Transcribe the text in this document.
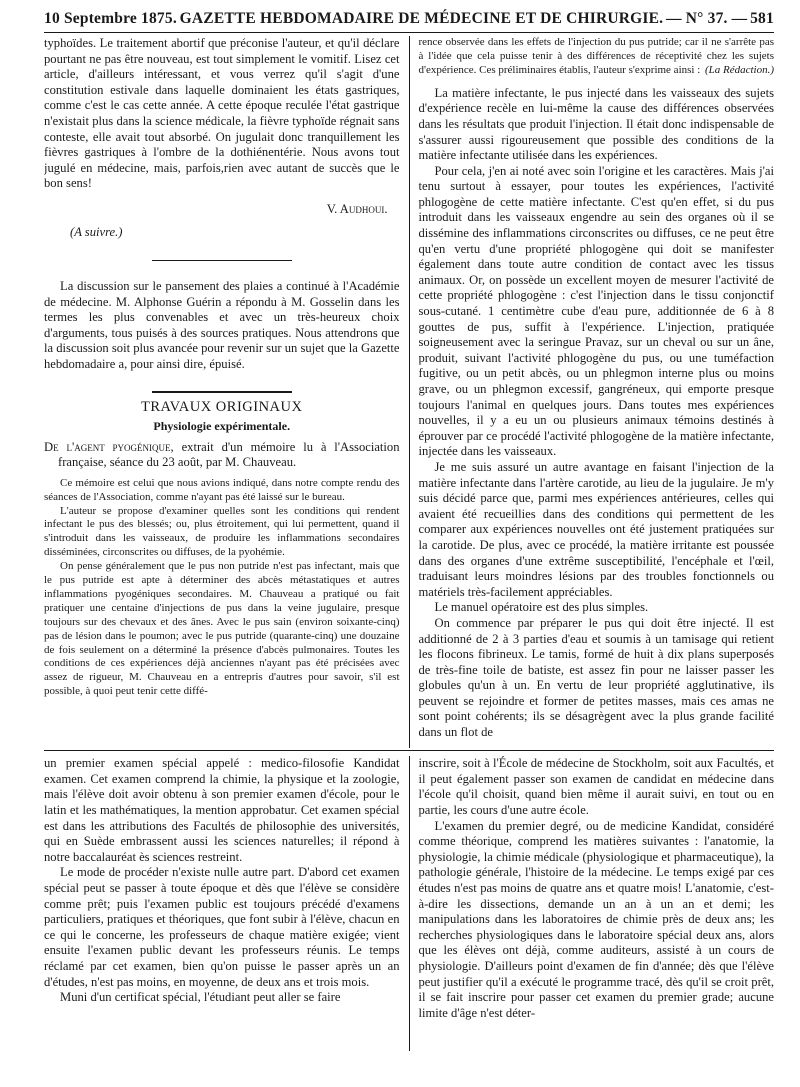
10 Septembre 1875. GAZETTE HEBDOMADAIRE DE MÉDECINE ET DE CHIRURGIE. — N° 37. — 581

typhoïdes. Le traitement abortif que préconise l'auteur, et qu'il déclare pourtant ne pas être nouveau, est tout simplement le vomitif. Lisez cet article, d'ailleurs intéressant, et vous verrez qu'il s'agit d'une constitution estivale dans laquelle dominaient les états gastriques, comme c'est le cas cette année. A cette époque reculée l'état gastrique n'existait plus dans la science médicale, la fièvre typhoïde régnait sans conteste, elle avait tout absorbé. On jugulait donc tranquillement les fièvres gastriques à l'ombre de la dothiénentérie. Nous avons tout jugulé en médecine, mais, parfois,rien avec autant de succès que le bon sens!

V. Audhoui.
(A suivre.)

La discussion sur le pansement des plaies a continué à l'Académie de médecine. M. Alphonse Guérin a répondu à M. Gosselin dans les termes les plus convenables et avec un très-heureux choix d'arguments, tous puisés à des sources pratiques. Nous attendrons que la discussion soit plus avancée pour revenir sur un sujet que la Gazette hebdomadaire a, pour ainsi dire, épuisé.

TRAVAUX ORIGINAUX
Physiologie expérimentale.

De l'agent pyogénique, extrait d'un mémoire lu à l'Association française, séance du 23 août, par M. Chauveau.

Ce mémoire est celui que nous avions indiqué, dans notre compte rendu des séances de l'Association, comme n'ayant pas été laissé sur le bureau.

L'auteur se propose d'examiner quelles sont les conditions qui rendent infectant le pus des blessés; ou, plus étroitement, qui lui permettent, quand il s'introduit dans les vaisseaux, de produire les inflammations secondaires disséminées, circonscrites ou diffuses, de la pyohémie.

On pense généralement que le pus non putride n'est pas infectant, mais que le pus putride est apte à déterminer des abcès métastatiques et autres inflammations pyogéniques secondaires. M. Chauveau a pratiqué ou fait pratiquer une centaine d'injections de pus dans la veine jugulaire, presque toujours sur des chevaux et des ânes. Avec le pus sain (environ soixante-cinq) pas de lésion dans le poumon; avec le pus putride (quarante-cinq) une douzaine de fois seulement on a déterminé la présence d'abcès pulmonaires. Toutes les conditions de ces expériences déjà anciennes n'ayant pas été précisées avec assez de rigueur, M. Chauveau en a entrepris d'autres pour savoir, s'il est possible, à quoi peut tenir cette diffé-

rence observée dans les effets de l'injection du pus putride; car il ne s'arrête pas à l'idée que cela puisse tenir à des différences de réceptivité chez les sujets d'expérience. Ces préliminaires établis, l'auteur s'exprime ainsi : (La Rédaction.)

La matière infectante, le pus injecté dans les vaisseaux des sujets d'expérience recèle en lui-même la cause des différences observées dans les résultats que produit l'injection. Il était donc indispensable de s'assurer aussi rigoureusement que possible des conditions de la matière infectante utilisée dans les expériences.

Pour cela, j'en ai noté avec soin l'origine et les caractères. Mais j'ai tenu surtout à essayer, pour toutes les expériences, l'activité phlogogène de cette matière infectante. C'est qu'en effet, si du pus introduit dans les vaisseaux engendre au sein des organes où il se dissémine des inflammations circonscrites ou diffuses, ce ne peut être qu'en vertu d'une propriété phlogogène qui doit se manifester également dans toute autre condition de contact avec les tissus animaux. Or, on possède un excellent moyen de mesurer l'activité de cette propriété phlogogène : c'est l'injection dans le tissu conjonctif sous-cutané. 1 centimètre cube d'eau pure, additionnée de 6 à 8 gouttes de pus, suffit à l'expérience. L'injection, pratiquée soigneusement avec la seringue Pravaz, sur un cheval ou sur un âne, produit, suivant l'activité phlogogène du pus, ou une tuméfaction fugitive, ou un petit abcès, ou un phlegmon interne plus ou moins grave, ou un phlegmon excessif, gangréneux, qui emporte presque toujours l'animal en quelques jours. Dans toutes mes expériences nouvelles, il y a eu un ou plusieurs animaux témoins destinés à éprouver par ce procédé l'activité phlogogène de la matière infectante, injectée dans les vaisseaux.

Je me suis assuré un autre avantage en faisant l'injection de la matière infectante dans l'artère carotide, au lieu de la jugulaire. Je m'y suis décidé parce que, parmi mes expériences antérieures, celles qui avaient été recueillies dans des conditions qui permettent de les comparer aux expériences nouvelles ont été justement pratiquées sur la carotide. De plus, avec ce procédé, la matière irritante est poussée dans des organes d'une extrême susceptibilité, l'encéphale et l'œil, traduisant leurs moindres lésions par des troubles fonctionnels ou matériels très-facilement appréciables.

Le manuel opératoire est des plus simples.

On commence par préparer le pus qui doit être injecté. Il est additionné de 2 à 3 parties d'eau et soumis à un tamisage qui retient les flocons fibrineux. Le tamis, formé de huit à dix plans superposés de très-fine toile de batiste, est assez fin pour ne laisser passer les globules qu'un à un. En vertu de leur propriété agglutinative, ils peuvent se rejoindre et former de petites masses, mais ces amas ne sont point cohérents; ils se désagrègent avec la plus grande facilité dans un flot de

un premier examen spécial appelé : medico-filosofie Kandidat examen. Cet examen comprend la chimie, la physique et la zoologie, mais l'élève doit avoir obtenu à son premier examen d'école, pour le latin et les mathématiques, la mention approbatur. Cet examen spécial est dans les attributions des Facultés de philosophie des universités, qui en Suède embrassent aussi les sciences naturelles; il répond à notre baccalauréat ès sciences restreint.

Le mode de procéder n'existe nulle autre part. D'abord cet examen spécial peut se passer à toute époque et dès que l'élève se considère comme prêt; puis l'examen public est toujours précédé d'examens particuliers, pratiques et théoriques, que font subir à l'élève, chacun en ce qui le concerne, les professeurs de chaque matière exigée; vient ensuite l'examen public devant les professeurs réunis. Le temps réclamé par cet examen, bien qu'on puisse le passer après un an d'études, n'est pas moins, en moyenne, de deux ans et trois mois.

Muni d'un certificat spécial, l'étudiant peut aller se faire

inscrire, soit à l'École de médecine de Stockholm, soit aux Facultés, et il peut également passer son examen de candidat en médecine dans l'école qu'il choisit, quand bien même il aurait suivi, en tout ou en partie, les cours d'une autre école.

L'examen du premier degré, ou de medicine Kandidat, considéré comme théorique, comprend les matières suivantes : l'anatomie, la physiologie, la chimie médicale (physiologique et pharmaceutique), la pathologie générale, l'histoire de la médecine. Le temps exigé par ces études n'est pas moins de quatre ans et quatre mois! L'anatomie, c'est-à-dire les dissections, demande un an à un an et demi; les manipulations dans les laboratoires de chimie près de deux ans; les recherches physiologiques dans le laboratoire spécial deux ans, alors que les élèves ont déjà, comme auditeurs, assisté à un cours de physiologie. D'ailleurs point d'examen de fin d'année; dès que l'élève peut justifier qu'il a exécuté le programme tracé, dès qu'il se croit prêt, il se fait inscrire pour passer cet examen du premier grade; aucune limite d'âge n'est déter-
